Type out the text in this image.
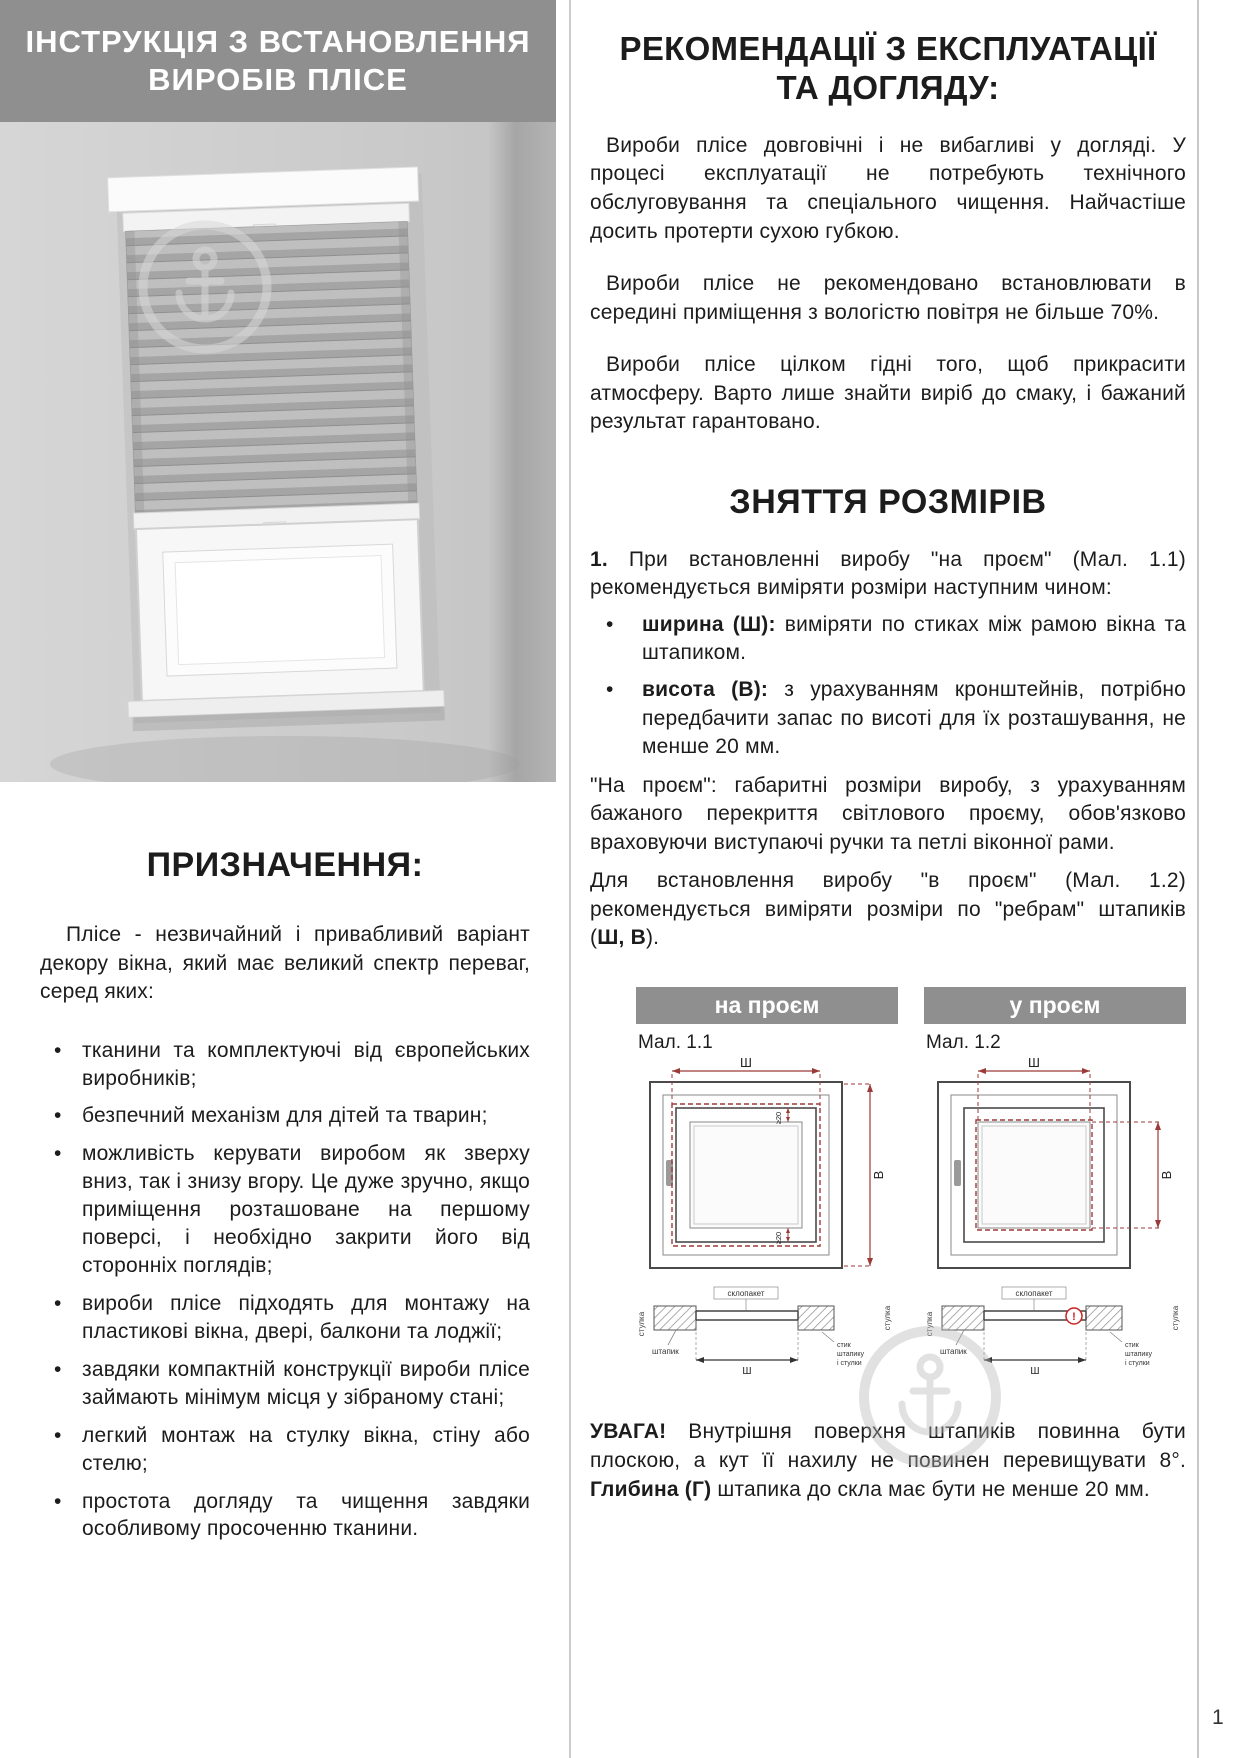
ІНСТРУКЦІЯ З ВСТАНОВЛЕННЯ
ВИРОБІВ ПЛІСЕ
ПРИЗНАЧЕННЯ:

Плісе - незвичайний і привабливий варіант декору вікна, який має великий спектр переваг, серед яких:

• тканини та комплектуючі від європейських виробників;
• безпечний механізм для дітей та тварин;
• можливість керувати виробом як зверху вниз, так і знизу вгору. Це дуже зручно, якщо приміщення розташоване на першому поверсі, і необхідно закрити його від сторонніх поглядів;
• вироби плісе підходять для монтажу на пластикові вікна, двері, балкони та лоджії;
• завдяки компактній конструкції вироби плісе займають мінімум місця у зібраному стані;
• легкий монтаж на стулку вікна, стіну або стелю;
• простота догляду та чищення завдяки особливому просоченню тканини.
РЕКОМЕНДАЦІЇ З ЕКСПЛУАТАЦІЇ
ТА ДОГЛЯДУ:

Вироби плісе довговічні і не вибагливі у догляді. У процесі експлуатації не потребують технічного обслуговування та спеціального чищення. Найчастіше досить протерти сухою губкою.

Вироби плісе не рекомендовано встановлювати в середині приміщення з вологістю повітря не більше 70%.

Вироби плісе цілком гідні того, щоб прикрасити атмосферу. Варто лише знайти виріб до смаку, і бажаний результат гарантовано.

ЗНЯТТЯ РОЗМІРІВ

1. При встановленні виробу "на проєм" (Мал. 1.1) рекомендується виміряти розміри наступним чином:

• ширина (Ш): виміряти по стиках між рамою вікна та штапиком.
• висота (В): з урахуванням кронштейнів, потрібно передбачити запас по висоті для їх розташування, не менше 20 мм.

"На проєм": габаритні розміри виробу, з урахуванням бажаного перекриття світлового проєму, обов'язково враховуючи виступаючі ручки та петлі віконної рами.

Для встановлення виробу "в проєм" (Мал. 1.2) рекомендується виміряти розміри по "ребрам" штапиків (Ш, В).

на проєм
Мал. 1.1
Ш
В
≥20
≥20
стулка
склопакет
штапик
Ш
стик
штапику
і стулки
стулка
у проєм
Мал. 1.2
Ш
В
стулка
склопакет
!
штапик
Ш
стик
штапику
і стулки
стулка

УВАГА! Внутрішня поверхня штапиків повинна бути плоскою, а кут її нахилу не повинен перевищувати 8°. Глибина (Г) штапика до скла має бути не менше 20 мм.

1
